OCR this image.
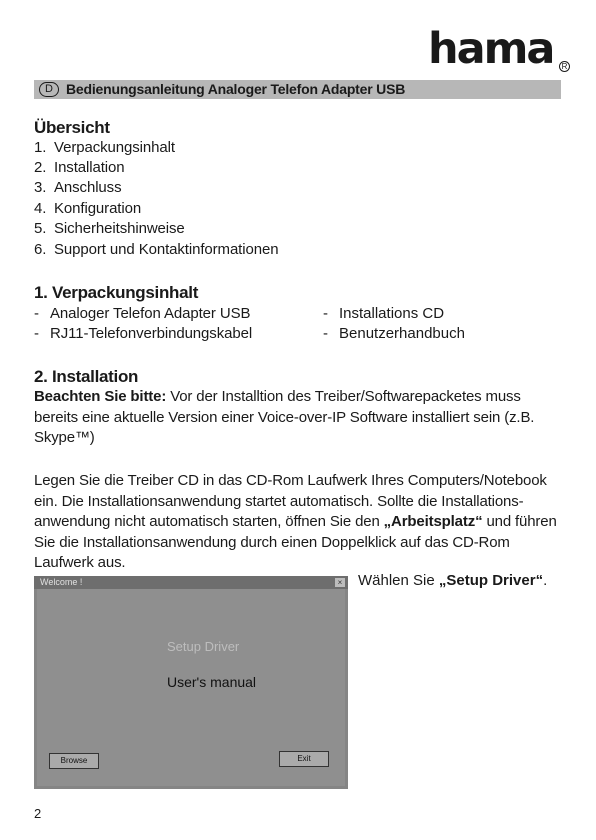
hama	R
D Bedienungsanleitung Analoger Telefon Adapter USB
Übersicht
1. Verpackungsinhalt
2. Installation
3. Anschluss
4. Konfiguration
5. Sicherheitshinweise
6. Support und Kontaktinformationen
1. Verpackungsinhalt
- Analoger Telefon Adapter USB
- RJ11-Telefonverbindungskabel
- Installations CD
- Benutzerhandbuch
2. Installation
Beachten Sie bitte: Vor der Installtion des Treiber/Softwarepacketes muss bereits eine aktuelle Version einer Voice-over-IP Software installiert sein (z.B. Skype™)
Legen Sie die Treiber CD in das CD-Rom Laufwerk Ihres Computers/Notebook ein. Die Installationsanwendung startet automatisch. Sollte die Installations-anwendung nicht automatisch starten, öffnen Sie den „Arbeitsplatz“ und führen Sie die Installationsanwendung durch einen Doppelklick auf das CD-Rom Laufwerk aus.
Wählen Sie „Setup Driver“.
Welcome !	×
Setup Driver
User's manual
Browse	Exit
2
